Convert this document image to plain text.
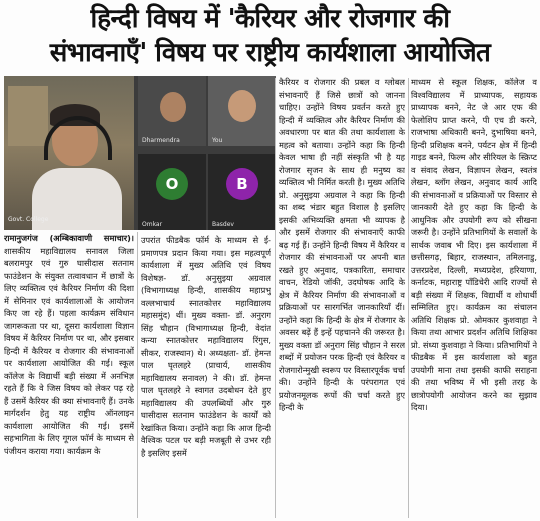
हिन्दी विषय में 'कैरियर और रोजगार की
संभावनाएँ' विषय पर राष्ट्रीय कार्यशाला आयोजित
Govt. College
Dharmendra	You
O
Omkar
B
Basdev
रामानुजगंज (अम्बिकावाणी समाचार)। शासकीय महाविद्यालय सनावल जिला बलरामपुर एवं गुरु घासीदास सतनाम फाउंडेशन के संयुक्त तत्वावधान में छात्रों के लिए व्यक्तित्व एवं कैरियर निर्माण की दिशा में सेमिनार एवं कार्यशालाओं के आयोजन किए जा रहे हैं। पहला कार्यक्रम संविधान जागरूकता पर था, दूसरा कार्यशाला विज्ञान विषय में कैरियर निर्माण पर था, और इसबार हिन्दी में कैरियर व रोजगार की संभावनाओं पर कार्यशाला आयोजित की गई। स्कूल कॉलेज के विद्यार्थी बड़ी संख्या में अनभिज्ञ रहते हैं कि वे जिस विषय को लेकर पढ़ रहे हैं उसमें कैरियर की क्या संभावनाएँ हैं। उनके मार्गदर्शन हेतु यह राष्ट्रीय ऑनलाइन कार्यशाला आयोजित की गई। इसमें सहभागिता के लिए गूगल फॉर्म के माध्यम से पंजीयन कराया गया। कार्यक्रम के
उपरांत फीडबैक फॉर्म के माध्यम से ई-प्रमाणपत्र प्रदान किया गया। इस महत्वपूर्ण कार्यशाला में मुख्य अतिथि एवं विषय विशेषज्ञ- डॉ. अनुसुइया अग्रवाल (विभागाध्यक्ष हिन्दी, शासकीय महाप्रभु वल्लभाचार्य स्नातकोत्तर महाविद्यालय महासमुंद) थीं। मुख्य वक्ता- डॉ. अनुराग सिंह चौहान (विभागाध्यक्ष हिन्दी, वेदांत कन्या स्नातकोत्तर महाविद्यालय रिंगुस, सीकर, राजस्थान) थे। अध्यक्षता- डॉ. हेमन्त पाल घृतलहरे (प्राचार्य, शासकीय महाविद्यालय सनावल) ने की। डॉ. हेमन्त पाल घृतलहरे ने स्वागत उदबोधन देते हुए महाविद्यालय की उपलब्धियों और गुरु घासीदास सतनाम फाउंडेशन के कार्यों को रेखांकित किया। उन्होंने कहा कि आज हिन्दी वैश्विक पटल पर बड़ी मजबूती से उभर रही है इसलिए इसमें
कैरियर व रोजगार की प्रबल व ग्लोबल संभावनाएँ हैं जिसे छात्रों को जानना चाहिए। उन्होंने विषय प्रवर्तन करते हुए हिन्दी में व्यक्तित्व और कैरियर निर्माण की अवधारणा पर बात की तथा कार्यशाला के महत्व को बताया। उन्होंने कहा कि हिन्दी केवल भाषा ही नहीं संस्कृति भी है यह रोजगार सृजन के साथ ही मनुष्य का व्यक्तित्व भी निर्मित करती है। मुख्य अतिथि प्रो. अनुसुइया अग्रवाल ने कहा कि हिन्दी का शब्द भंडार बहुत विशाल है इसलिए इसकी अभिव्यक्ति क्षमता भी व्यापक है और इसमें रोजगार की संभावनाएँ काफी बढ़ गई हैं। उन्होंने हिन्दी विषय में कैरियर व रोजगार की संभावनाओं पर अपनी बात रखते हुए अनुवाद, पत्रकारिता, समाचार वाचन, रेडियो जॉकी, उदघोषक आदि के क्षेत्र में कैरियर निर्माण की संभावनाओं व प्रक्रियाओं पर सारगर्भित जानकारियाँ दीं। उन्होंने कहा कि हिन्दी के क्षेत्र में रोजगार के अवसर बढ़ें हैं इन्हें पहचानने की जरूरत है। मुख्य वक्ता डॉ अनुराग सिंह चौहान ने सरल शब्दों में प्रयोजन परक हिन्दी एवं कैरियर व रोजगारोन्मुखी स्वरूप पर विस्तारपूर्वक चर्चा की। उन्होंने हिन्दी के परंपरागत एवं प्रयोजनमूलक रूपों की चर्चा करते हुए हिन्दी के
माध्यम से स्कूल शिक्षक, कॉलेज व विश्वविद्यालय में प्राध्यापक, सहायक प्राध्यापक बनने, नेट जे आर एफ की फेलोशिप प्राप्त करने, पी एच डी करने, राजभाषा अधिकारी बनने, दुभाषिया बनने, हिन्दी प्रशिक्षक बनने, पर्यटन क्षेत्र में हिन्दी गाइड बनने, फिल्म और सीरियल के स्क्रिप्ट व संवाद लेखन, विज्ञापन लेखन, स्वतंत्र लेखन, ब्लॉग लेखन, अनुवाद कार्य आदि की संभावनाओं व प्रक्रियाओं पर विस्तार से जानकारी देते हुए कहा कि हिन्दी के आधुनिक और उपयोगी रूप को सीखना जरूरी है। उन्होंने प्रतिभागियों के सवालों के सार्थक जवाब भी दिए। इस कार्यशाला में छत्तीसगढ़, बिहार, राजस्थान, तमिलनाडु, उत्तरप्रदेश, दिल्ली, मध्यप्रदेश, हरियाणा, कर्नाटक, महाराष्ट्र पॉंडिचेरी आदि राज्यों से बड़ी संख्या में शिक्षक, विद्यार्थी व शोधार्थी सम्मिलित हुए। कार्यक्रम का संचालन अतिथि शिक्षक प्रो. ओमकार कुशवाहा ने किया तथा आभार प्रदर्शन अतिथि शिक्षिका प्रो. संध्या कुशवाहा ने किया। प्रतिभागियों ने फीडबैक में इस कार्यशाला को बहुत उपयोगी माना तथा इसकी काफी सराहना की तथा भविष्य में भी इसी तरह के छात्रोपयोगी आयोजन करने का सुझाव दिया।
